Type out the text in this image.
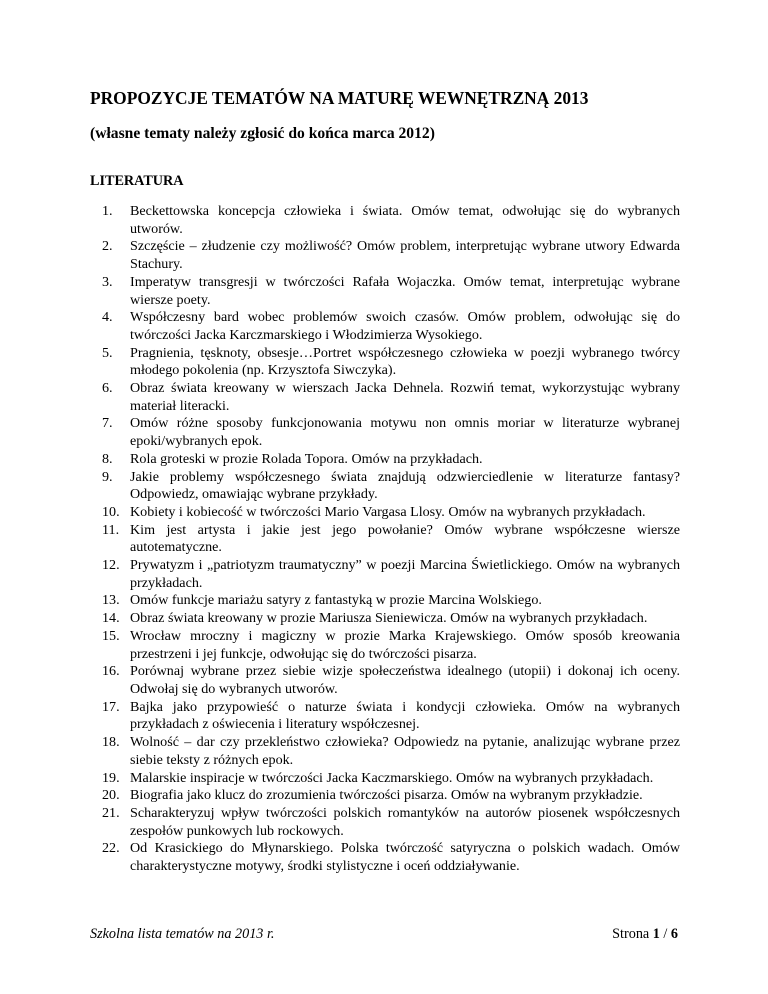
PROPOZYCJE TEMATÓW NA MATURĘ WEWNĘTRZNĄ 2013
(własne tematy należy zgłosić do końca marca 2012)
LITERATURA
1.	Beckettowska koncepcja człowieka i świata. Omów temat, odwołując się do wybranych utworów.
2.	Szczęście – złudzenie czy możliwość? Omów problem, interpretując wybrane utwory Edwarda Stachury.
3.	Imperatyw transgresji w twórczości Rafała Wojaczka. Omów temat, interpretując wybrane wiersze poety.
4.	Współczesny bard wobec problemów swoich czasów. Omów problem, odwołując się do twórczości Jacka Karczmarskiego i Włodzimierza Wysokiego.
5.	Pragnienia, tęsknoty, obsesje…Portret współczesnego człowieka w poezji wybranego twórcy młodego pokolenia (np. Krzysztofa Siwczyka).
6.	Obraz świata kreowany w wierszach Jacka Dehnela. Rozwiń temat, wykorzystując wybrany materiał literacki.
7.	Omów różne sposoby funkcjonowania motywu non omnis moriar w literaturze wybranej epoki/wybranych epok.
8.	Rola groteski w prozie Rolada Topora. Omów na przykładach.
9.	Jakie problemy współczesnego świata znajdują odzwierciedlenie w literaturze fantasy? Odpowiedz, omawiając wybrane przykłady.
10. Kobiety i kobiecość w twórczości Mario Vargasa Llosy. Omów na wybranych przykładach.
11. Kim jest artysta i jakie jest jego powołanie? Omów wybrane współczesne wiersze autotematyczne.
12. Prywatyzm i „patriotyzm traumatyczny” w poezji Marcina Świetlickiego. Omów na wybranych przykładach.
13. Omów funkcje mariażu satyry z fantastyką w prozie Marcina Wolskiego.
14. Obraz świata kreowany w prozie Mariusza Sieniewicza. Omów na wybranych przykładach.
15. Wrocław mroczny i magiczny w prozie Marka Krajewskiego. Omów sposób kreowania przestrzeni i jej funkcje, odwołując się do twórczości pisarza.
16. Porównaj wybrane przez siebie wizje społeczeństwa idealnego (utopii) i dokonaj ich oceny. Odwołaj się do wybranych utworów.
17. Bajka jako przypowieść o naturze świata i kondycji człowieka. Omów na wybranych przykładach z oświecenia i literatury współczesnej.
18. Wolność – dar czy przekleństwo człowieka? Odpowiedz na pytanie, analizując wybrane przez siebie teksty z różnych epok.
19. Malarskie inspiracje w twórczości Jacka Kaczmarskiego. Omów na wybranych przykładach.
20. Biografia jako klucz do zrozumienia twórczości pisarza. Omów na wybranym przykładzie.
21. Scharakteryzuj wpływ twórczości polskich romantyków na autorów piosenek współczesnych zespołów punkowych lub rockowych.
22. Od Krasickiego do Młynarskiego. Polska twórczość satyryczna o polskich wadach. Omów charakterystyczne motywy, środki stylistyczne i oceń oddziaływanie.
Szkolna lista tematów na 2013 r.	Strona 1 / 6
